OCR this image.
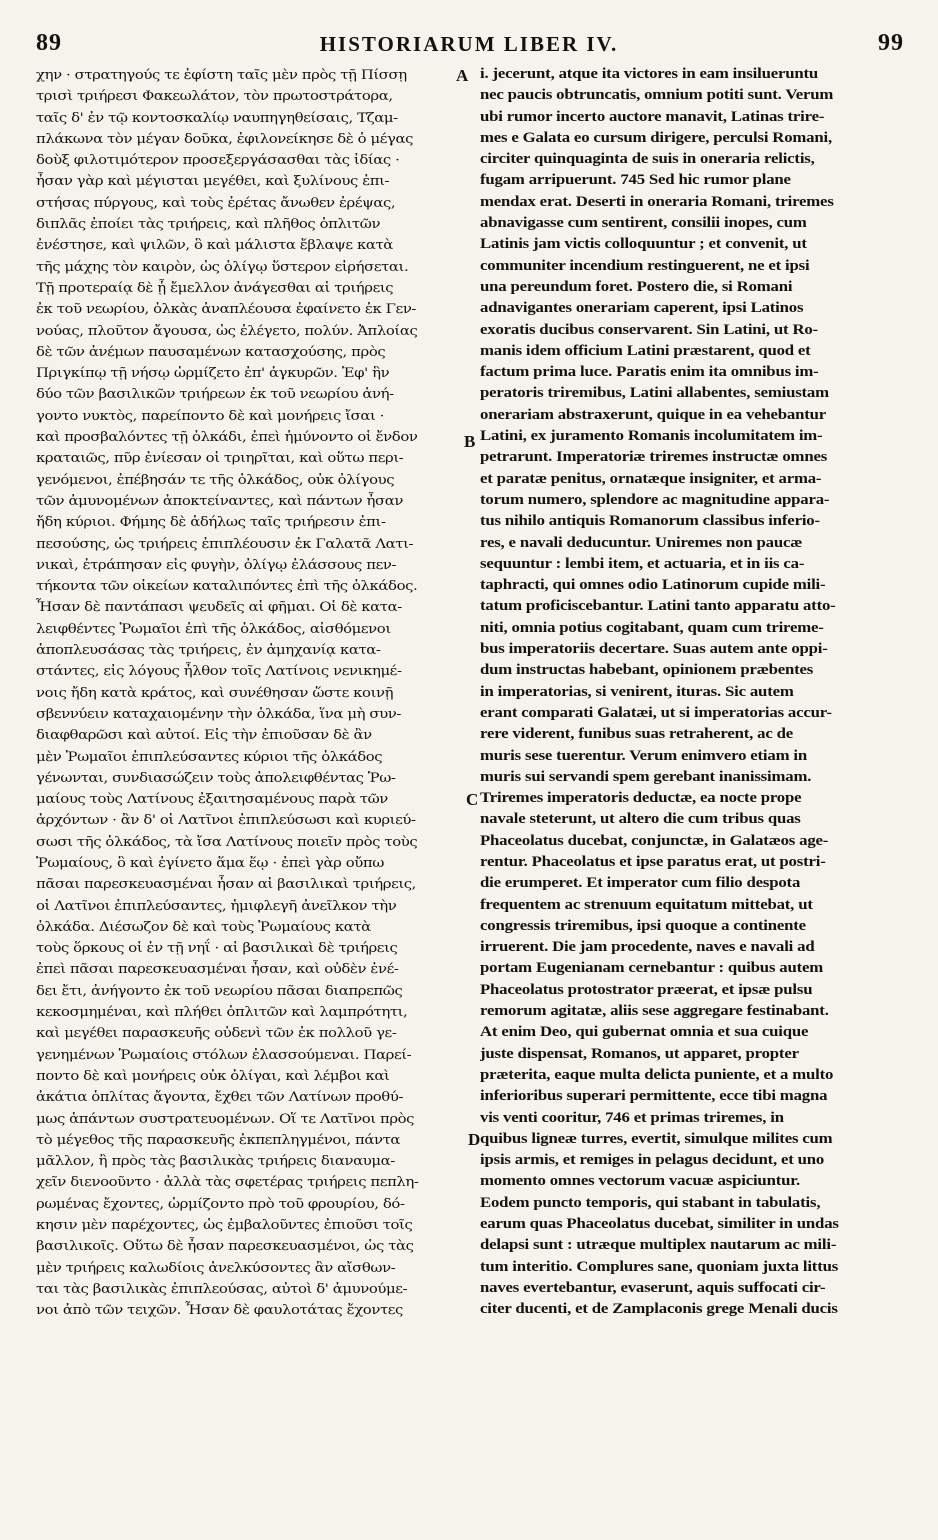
89	HISTORIARUM LIBER IV.	99
χην · στρατηγούς τε ἐφίστη ταῖς μὲν πρὸς τῇ Πίσσῃ
τρισὶ τριήρεσι Φακεωλάτον, τὸν πρωτοστράτορα,
ταῖς δ' ἐν τῷ κοντοσκαλίῳ ναυπηγηθείσαις, Τζαμ-
πλάκωνα τὸν μέγαν δοῦκα, ἐφιλονείκησε δὲ ὁ μέγας
δοὺξ φιλοτιμότερον προσεξεργάσασθαι τὰς ἰδίας ·
ἦσαν γὰρ καὶ μέγισται μεγέθει, καὶ ξυλίνους ἐπι-
στήσας πύργους, καὶ τοὺς ἐρέτας ἄνωθεν ἐρέψας,
διπλᾶς ἐποίει τὰς τριήρεις, καὶ πλῆθος ὁπλιτῶν
ἐνέστησε, καὶ ψιλῶν, ὃ καὶ μάλιστα ἔβλαψε κατὰ
τῆς μάχης τὸν καιρὸν, ὡς ὀλίγῳ ὕστερον εἰρήσεται.
Τῇ προτεραίᾳ δὲ ᾗ ἔμελλον ἀνάγεσθαι αἱ τριήρεις
ἐκ τοῦ νεωρίου, ὁλκὰς ἀναπλέουσα ἐφαίνετο ἐκ Γεν-
νούας, πλοῦτον ἄγουσα, ὡς ἐλέγετο, πολύν. Ἀπλοίας
δὲ τῶν ἀνέμων παυσαμένων κατασχούσης, πρὸς
Πριγκίπῳ τῇ νήσῳ ὡρμίζετο ἐπ' ἀγκυρῶν. Ἐφ' ἣν
δύο τῶν βασιλικῶν τριήρεων ἐκ τοῦ νεωρίου ἀνή-
γοντο νυκτὸς, παρείποντο δὲ καὶ μονήρεις ἴσαι ·
καὶ προσβαλόντες τῇ ὁλκάδι, ἐπεὶ ἠμύνοντο οἱ ἔνδον
κραταιῶς, πῦρ ἐνίεσαν οἱ τριηρῖται, καὶ οὕτω περι-
γενόμενοι, ἐπέβησάν τε τῆς ὁλκάδος, οὐκ ὀλίγους
τῶν ἀμυνομένων ἀποκτείναντες, καὶ πάντων ἦσαν
ἤδη κύριοι. Φήμης δὲ ἀδήλως ταῖς τριήρεσιν ἐπι-
πεσούσης, ὡς τριήρεις ἐπιπλέουσιν ἐκ Γαλατᾶ Λατι-
νικαὶ, ἐτράπησαν εἰς φυγὴν, ὀλίγῳ ἐλάσσους πεν-
τήκοντα τῶν οἰκείων καταλιπόντες ἐπὶ τῆς ὁλκάδος.
Ἦσαν δὲ παντάπασι ψευδεῖς αἱ φῆμαι. Οἱ δὲ κατα-
λειφθέντες Ῥωμαῖοι ἐπὶ τῆς ὁλκάδος, αἰσθόμενοι
ἀποπλευσάσας τὰς τριήρεις, ἐν ἀμηχανίᾳ κατα-
στάντες, εἰς λόγους ἦλθον τοῖς Λατίνοις νενικημέ-
νοις ἤδη κατὰ κράτος, καὶ συνέθησαν ὥστε κοινῇ
σβεννύειν καταχαιομένην τὴν ὁλκάδα, ἵνα μὴ συν-
διαφθαρῶσι καὶ αὐτοί. Εἰς τὴν ἐπιοῦσαν δὲ ἂν
μὲν Ῥωμαῖοι ἐπιπλεύσαντες κύριοι τῆς ὁλκάδος
γένωνται, συνδιασώζειν τοὺς ἀπολειφθέντας Ῥω-
μαίους τοὺς Λατίνους ἐξαιτησαμένους παρὰ τῶν
ἀρχόντων · ἂν δ' οἱ Λατῖνοι ἐπιπλεύσωσι καὶ κυριεύ-
σωσι τῆς ὁλκάδος, τὰ ἴσα Λατίνους ποιεῖν πρὸς τοὺς
Ῥωμαίους, ὃ καὶ ἐγίνετο ἅμα ἕῳ · ἐπεὶ γὰρ οὔπω
πᾶσαι παρεσκευασμέναι ἦσαν αἱ βασιλικαὶ τριήρεις,
οἱ Λατῖνοι ἐπιπλεύσαντες, ἡμιφλεγῆ ἀνεῖλκον τὴν
ὁλκάδα. Διέσωζον δὲ καὶ τοὺς Ῥωμαίους κατὰ
τοὺς ὅρκους οἱ ἐν τῇ νηΐ · αἱ βασιλικαὶ δὲ τριήρεις
ἐπεὶ πᾶσαι παρεσκευασμέναι ἦσαν, καὶ οὐδὲν ἐνέ-
δει ἔτι, ἀνήγοντο ἐκ τοῦ νεωρίου πᾶσαι διαπρεπῶς
κεκοσμημέναι, καὶ πλήθει ὁπλιτῶν καὶ λαμπρότητι,
καὶ μεγέθει παρασκευῆς οὐδενὶ τῶν ἐκ πολλοῦ γε-
γενημένων Ῥωμαίοις στόλων ἐλασσούμεναι. Παρεί-
ποντο δὲ καὶ μονήρεις οὐκ ὀλίγαι, καὶ λέμβοι καὶ
ἀκάτια ὁπλίτας ἄγοντα, ἔχθει τῶν Λατίνων προθύ-
μως ἁπάντων συστρατευομένων. Οἵ τε Λατῖνοι πρὸς
τὸ μέγεθος τῆς παρασκευῆς ἐκπεπληγμένοι, πάντα
μᾶλλον, ἢ πρὸς τὰς βασιλικὰς τριήρεις διαναυμα-
χεῖν διενοοῦντο · ἀλλὰ τὰς σφετέρας τριήρεις πεπλη-
ρωμένας ἔχοντες, ὡρμίζοντο πρὸ τοῦ φρουρίου, δό-
κησιν μὲν παρέχοντες, ὡς ἐμβαλοῦντες ἐπιοῦσι τοῖς
βασιλικοῖς. Οὕτω δὲ ἦσαν παρεσκευασμένοι, ὡς τὰς
μὲν τριήρεις καλωδίοις ἀνελκύσοντες ἂν αἴσθων-
ται τὰς βασιλικὰς ἐπιπλεούσας, αὐτοὶ δ' ἀμυνούμε-
νοι ἀπὸ τῶν τειχῶν. Ἦσαν δὲ φαυλοτάτας ἔχοντες
i. jecerunt, atque ita victores in eam insilueruntu
nec paucis obtruncatis, omnium potiti sunt. Verum
ubi rumor incerto auctore manavit, Latinas trire-
mes e Galata eo cursum dirigere, perculsi Romani,
circiter quinquaginta de suis in oneraria relictis,
fugam arripuerunt. 745 Sed hic rumor plane
mendax erat. Deserti in oneraria Romani, triremes
abnavigasse cum sentirent, consilii inopes, cum
Latinis jam victis colloquuntur ; et convenit, ut
communiter incendium restinguerent, ne et ipsi
una pereundum foret. Postero die, si Romani
adnavigantes onerariam caperent, ipsi Latinos
exoratis ducibus conservarent. Sin Latini, ut Ro-
manis idem officium Latini præstarent, quod et
factum prima luce. Paratis enim ita omnibus im-
peratoris triremibus, Latini allabentes, semiustam
onerariam abstraxerunt, quique in ea vehebantur
Latini, ex juramento Romanis incolumitatem im-
petrarunt. Imperatoriæ triremes instructæ omnes
et paratæ penitus, ornatæque insigniter, et arma-
torum numero, splendore ac magnitudine appara-
tus nihilo antiquis Romanorum classibus inferio-
res, e navali deducuntur. Uniremes non paucæ
sequuntur : lembi item, et actuaria, et in iis ca-
taphracti, qui omnes odio Latinorum cupide mili-
tatum proficiscebantur. Latini tanto apparatu atto-
niti, omnia potius cogitabant, quam cum trireme-
bus imperatoriis decertare. Suas autem ante oppi-
dum instructas habebant, opinionem præbentes
in imperatorias, si venirent, ituras. Sic autem
erant comparati Galatæi, ut si imperatorias accur-
rere viderent, funibus suas retraherent, ac de
muris sese tuerentur. Verum enimvero etiam in
muris sui servandi spem gerebant inanissimam.
Triremes imperatoris deductæ, ea nocte prope
navale steterunt, ut altero die cum tribus quas
Phaceolatus ducebat, conjunctæ, in Galatæos age-
rentur. Phaceolatus et ipse paratus erat, ut postri-
die erumperet. Et imperator cum filio despota
frequentem ac strenuum equitatum mittebat, ut
congressis triremibus, ipsi quoque a continente
irruerent. Die jam procedente, naves e navali ad
portam Eugenianam cernebantur : quibus autem
Phaceolatus protostrator præerat, et ipsæ pulsu
remorum agitatæ, aliis sese aggregare festinabant.
At enim Deo, qui gubernat omnia et sua cuique
juste dispensat, Romanos, ut apparet, propter
præterita, eaque multa delicta puniente, et a multo
inferioribus superari permittente, ecce tibi magna
vis venti cooritur, 746 et primas triremes, in
quibus ligneæ turres, evertit, simulque milites cum
ipsis armis, et remiges in pelagus decidunt, et uno
momento omnes vectorum vacuæ aspiciuntur.
Eodem puncto temporis, qui stabant in tabulatis,
earum quas Phaceolatus ducebat, similiter in undas
delapsi sunt : utræque multiplex nautarum ac mili-
tum interitio. Complures sane, quoniam juxta littus
naves evertebantur, evaserunt, aquis suffocati cir-
citer ducenti, et de Zamplaconis grege Menali ducis
A
B
C
D
